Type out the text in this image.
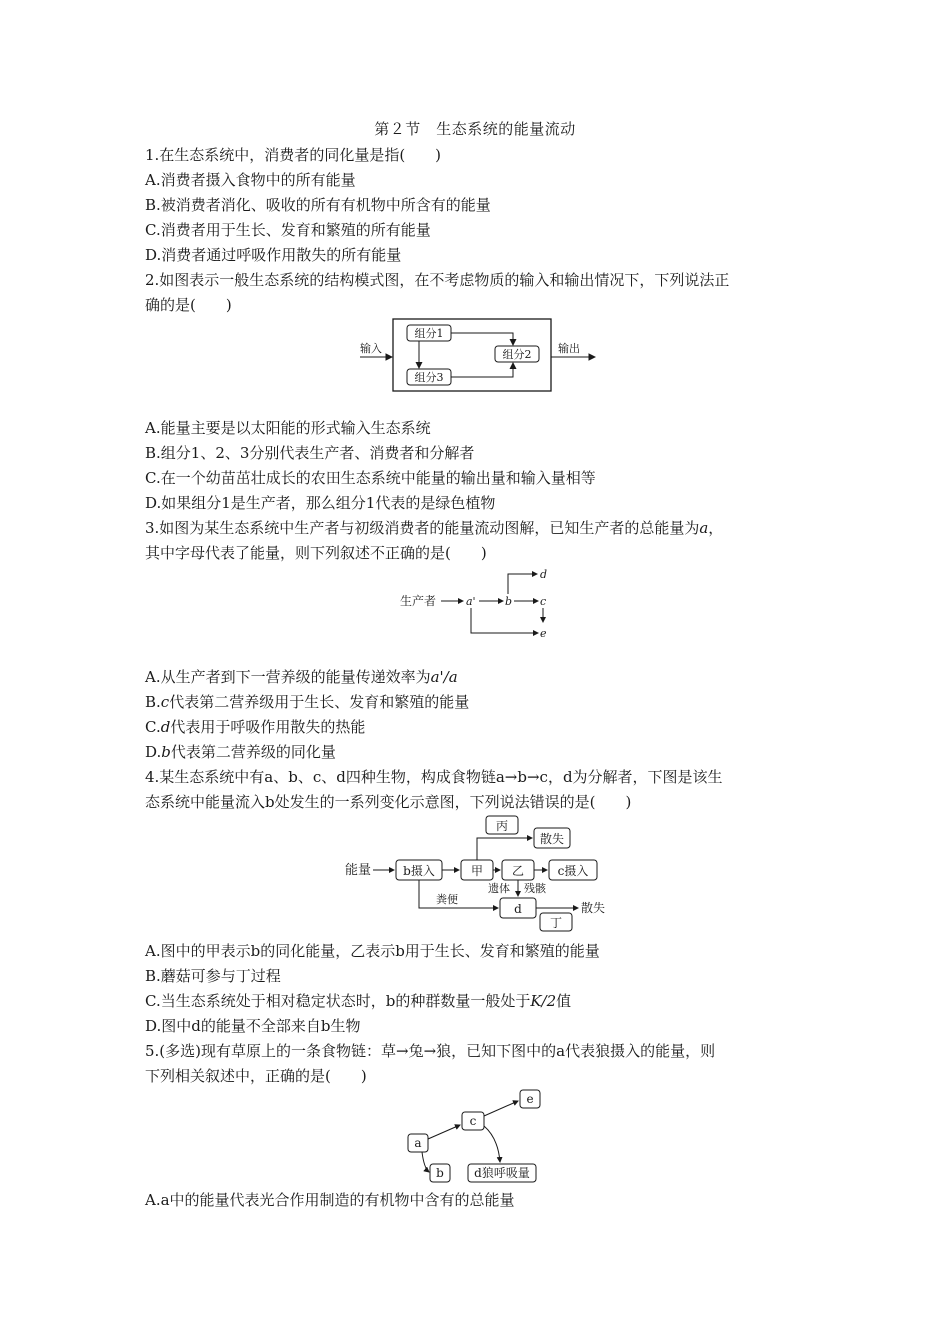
第２节　生态系统的能量流动
1.在生态系统中，消费者的同化量是指(　　)
A.消费者摄入食物中的所有能量
B.被消费者消化、吸收的所有有机物中所含有的能量
C.消费者用于生长、发育和繁殖的所有能量
D.消费者通过呼吸作用散失的所有能量
2.如图表示一般生态系统的结构模式图，在不考虑物质的输入和输出情况下，下列说法正
确的是(　　)
输入	输出
组分1
组分2
组分3
A.能量主要是以太阳能的形式输入生态系统
B.组分1、2、3分别代表生产者、消费者和分解者
C.在一个幼苗茁壮成长的农田生态系统中能量的输出量和输入量相等
D.如果组分1是生产者，那么组分1代表的是绿色植物
3.如图为某生态系统中生产者与初级消费者的能量流动图解，已知生产者的总能量为a，
其中字母代表了能量，则下列叙述不正确的是(　　)
生产者	a'	b	c
d
e
A.从生产者到下一营养级的能量传递效率为a'/a
B.c代表第二营养级用于生长、发育和繁殖的能量
C.d代表用于呼吸作用散失的热能
D.b代表第二营养级的同化量
4.某生态系统中有a、b、c、d四种生物，构成食物链a→b→c，d为分解者，下图是该生
态系统中能量流入b处发生的一系列变化示意图，下列说法错误的是(　　)
能量	b摄入	甲 乙	c摄入
丙
散失
遗体 残骸
粪便
d	散失
丁
A.图中的甲表示b的同化能量，乙表示b用于生长、发育和繁殖的能量
B.蘑菇可参与丁过程
C.当生态系统处于相对稳定状态时，b的种群数量一般处于K/2值
D.图中d的能量不全部来自b生物
5.(多选)现有草原上的一条食物链：草→兔→狼，已知下图中的a代表狼摄入的能量，则
下列相关叙述中，正确的是(　　)
a
c
e
b	d狼呼吸量
A.a中的能量代表光合作用制造的有机物中含有的总能量
